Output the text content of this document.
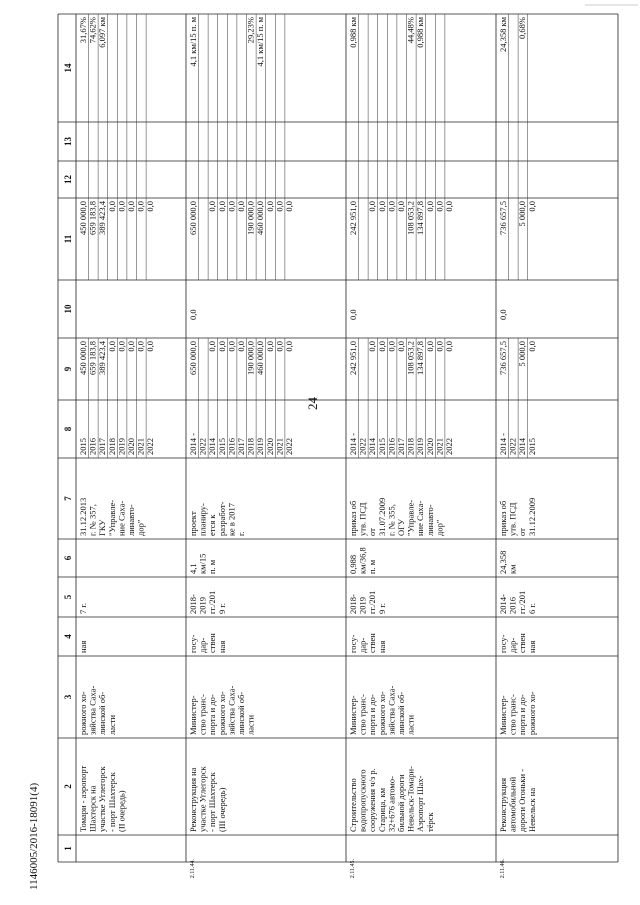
1
2
3
4
5
6
7
8
9
10
11
12
13
14
Томари - аэропорт Шахтерск на участке Углегорск - порт Шахтерск (II очередь)
рожного хо- зяйства Саха- линской об- ласти
ная
7 г.
31.12.2013 г. № 357, ГКУ "Управле- ние Саха- линавто- дор"
2015
450 000,0
450 000,0
31,67%
2016
659 183,8
659 183,8
74,62%
2017
389 423,4
389 423,4
6,097 км
2018
0,0
0,0
2019
0,0
0,0
2020
0,0
0,0
2021
0,0
0,0
2022
0,0
0,0
2.11.44.
Реконструкция на участке Углегорск - порт Шахтерск (III очередь)
Министер- ство транс- порта и до- рожного хо- зяйства Саха- линской об- ласти
госу- дар- ствен ная
2018- 2019 гг./201 9 г.
4,1 км/15 п. м
проект планиру- ется к разработ- ке в 2017 г.
2014 -
650 000,0
650 000,0
4,1 км/15 п. м
2022 2014
0,0
0,0
2015
0,0
0,0
2016
0,0
0,0
2017
0,0
0,0
2018
190 000,0
190 000,0
29,23%
2019
460 000,0
460 000,0
4,1 км/15 п. м
2020
0,0
0,0
2021
0,0
0,0
2022
0,0
0,0
0,0
2.11.45.
Строительство водопропускного сооружения ч/з р. Старица, км 32+676 автомо- бильной дороги Невельск-Томари- Аэропорт Шах- тёрск
Министер- ство транс- порта и до- рожного хо- зяйства Саха- линской об- ласти
госу- дар- ствен ная
2018- 2019 гг./201 9 г.
0,988 км/36,8 п. м
приказ об утв. ПСД от 31.07.2009 г. № 355, ОГУ "Управле- ние Саха- линавто- дор"
2014 -
242 951,0
242 951,0
0,988 км
2022 2014
0,0
0,0
2015
0,0
0,0
2016
0,0
0,0
2017
0,0
0,0
2018
108 053,2
108 053,2
44,48%
2019
134 897,8
134 897,8
0,988 км
2020
0,0
0,0
2021
0,0
0,0
2022
0,0
0,0
0,0
2.11.46.
Реконструкция автомобильной дороги Огоньки - Невельск на
Министер- ство транс- порта и до- рожного хо-
госу- дар- ствен ная
2014- 2016 гг./201 6 г.
24,358 км
приказ об утв. ПСД от 31.12.2009
2014 -
736 657,5
736 657,5
24,358 км
2022 2014
5 000,0
5 000,0
0,68%
2015
0,0
0,0
0,0
24
1146005/2016-18091(4)
